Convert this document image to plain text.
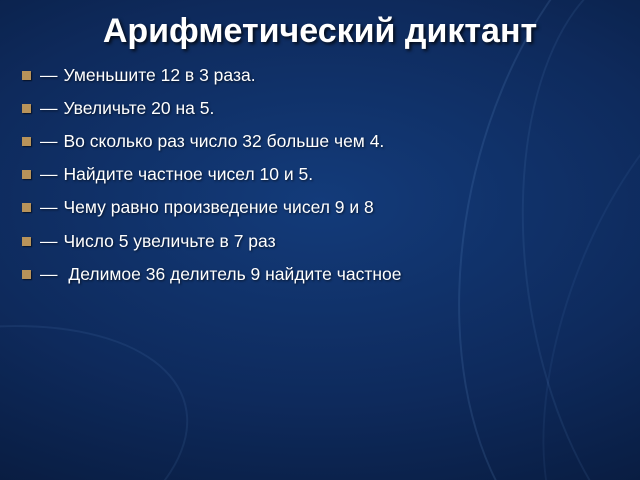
Арифметический диктант
— Уменьшите 12 в 3 раза.
— Увеличьте 20 на 5.
— Во сколько раз число 32 больше чем 4.
— Найдите частное чисел 10 и 5.
— Чему равно произведение чисел 9 и 8
— Число 5 увеличьте в 7 раз
— Делимое 36 делитель 9 найдите частное
